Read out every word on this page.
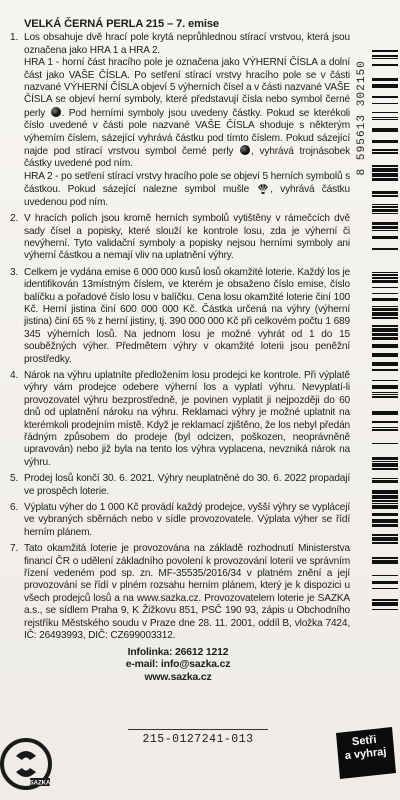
VELKÁ ČERNÁ PERLA 215 – 7. emise
1. Los obsahuje dvě hrací pole krytá neprůhlednou stírací vrstvou, která jsou označena jako HRA 1 a HRA 2.

HRA 1 - horní část hracího pole je označena jako VÝHERNÍ ČÍSLA a dolní část jako VAŠE ČÍSLA. Po setření stírací vrstvy hracího pole se v části nazvané VÝHERNÍ ČÍSLA objeví 5 výherních čísel a v části nazvané VAŠE ČÍSLA se objeví herní symboly, které představují čísla nebo symbol černé perly . Pod herními symboly jsou uvedeny částky. Pokud se kterékoli číslo uvedené v části pole nazvané VAŠE ČÍSLA shoduje s některým výherním číslem, sázející vyhrává částku pod tímto číslem. Pokud sázející najde pod stírací vrstvou symbol černé perly , vyhrává trojnásobek částky uvedené pod ním.

HRA 2 - po setření stírací vrstvy hracího pole se objeví 5 herních symbolů s částkou. Pokud sázející nalezne symbol mušle , vyhrává částku uvedenou pod ním.

2. V hracích polích jsou kromě herních symbolů vytištěny v rámečcích dvě sady čísel a popisky, které slouží ke kontrole losu, zda je výherní či nevýherní. Tyto validační symboly a popisky nejsou herními symboly ani výherní částkou a nemají vliv na uplatnění výhry.

3. Celkem je vydána emise 6 000 000 kusů losů okamžité loterie. Každý los je identifikován 13místným číslem, ve kterém je obsaženo číslo emise, číslo balíčku a pořadové číslo losu v balíčku. Cena losu okamžité loterie činí 100 Kč. Herní jistina činí 600 000 000 Kč. Částka určená na výhry (výherní jistina) činí 65 % z herní jistiny, tj. 390 000 000 Kč při celkovém počtu 1 689 345 výherních losů. Na jednom losu je možné vyhrát od 1 do 15 souběžných výher. Předmětem výhry v okamžité loterii jsou peněžní prostředky.

4. Nárok na výhru uplatníte předložením losu prodejci ke kontrole. Při výplatě výhry vám prodejce odebere výherní los a vyplatí výhru. Nevyplatí-li provozovatel výhru bezprostředně, je povinen vyplatit ji nejpozději do 60 dnů od uplatnění nároku na výhru. Reklamaci výhry je možné uplatnit na kterémkoli prodejním místě. Když je reklamací zjištěno, že los nebyl předán řádným způsobem do prodeje (byl odcizen, poškozen, neoprávněně upravován) nebo již byla na tento los výhra vyplacena, nevzniká nárok na výhru.

5. Prodej losů končí 30. 6. 2021. Výhry neuplatněné do 30. 6. 2022 propadají ve prospěch loterie.

6. Výplatu výher do 1 000 Kč provádí každý prodejce, vyšší výhry se vyplácejí ve vybraných sběrnách nebo v sídle provozovatele. Výplata výher se řídí herním plánem.

7. Tato okamžitá loterie je provozována na základě rozhodnutí Ministerstva financí ČR o udělení základního povolení k provozování loterií ve správním řízení vedeném pod sp. zn. MF-35535/2016/34 v platném znění a její provozování se řídí v plném rozsahu herním plánem, který je k dispozici u všech prodejců losů a na www.sazka.cz. Provozovatelem loterie je SAZKA a.s., se sídlem Praha 9, K Žižkovu 851, PSČ 190 93, zápis u Obchodního rejstříku Městského soudu v Praze dne 28. 11. 2001, oddíl B, vložka 7424, IČ: 26493993, DIČ: CZ699003312.

Infolinka: 26612 1212
e-mail: info@sazka.cz
www.sazka.cz
8 595613 302150
215-0127241-013
SAZKA
Setři
a vyhraj
